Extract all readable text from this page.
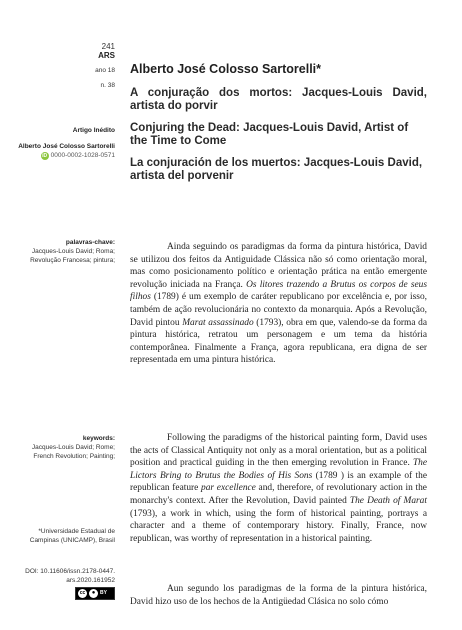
241
ARS
ano 18
n. 38
Artigo Inédito
Alberto José Colosso Sartorelli
iD 0000-0002-1028-0571
palavras-chave:
Jacques-Louis David; Roma;
Revolução Francesa; pintura;
keywords:
Jacques-Louis David; Rome;
French Revolution; Painting;
*Universidade Estadual de
Campinas (UNICAMP), Brasil
DOI: 10.11606/issn.2178-0447.
ars.2020.161952
cc	● BY
Alberto José Colosso Sartorelli*
A conjuração dos mortos: Jacques-Louis David, artista do porvir
Conjuring the Dead: Jacques-Louis David, Artist of the Time to Come
La conjuración de los muertos: Jacques-Louis David, artista del porvenir

Ainda seguindo os paradigmas da forma da pintura histórica, David se utilizou dos feitos da Antiguidade Clássica não só como orientação moral, mas como posicionamento político e orientação prática na então emergente revolução iniciada na França. Os litores trazendo a Brutus os corpos de seus filhos (1789) é um exemplo de caráter republicano por excelência e, por isso, também de ação revolucionária no contexto da monarquia. Após a Revolução, David pintou Marat assassinado (1793), obra em que, valendo-se da forma da pintura histórica, retratou um personagem e um tema da história contemporânea. Finalmente a França, agora republicana, era digna de ser representada em uma pintura histórica.

Following the paradigms of the historical painting form, David uses the acts of Classical Antiquity not only as a moral orientation, but as a political position and practical guiding in the then emerging revolution in France. The Lictors Bring to Brutus the Bodies of His Sons (1789 ) is an example of the republican feature par excellence and, therefore, of revolutionary action in the monarchy's context. After the Revolution, David painted The Death of Marat (1793), a work in which, using the form of historical painting, portrays a character and a theme of contemporary history. Finally, France, now republican, was worthy of representation in a historical painting.

Aun segundo los paradigmas de la forma de la pintura histórica, David hizo uso de los hechos de la Antigüedad Clásica no solo cómo
